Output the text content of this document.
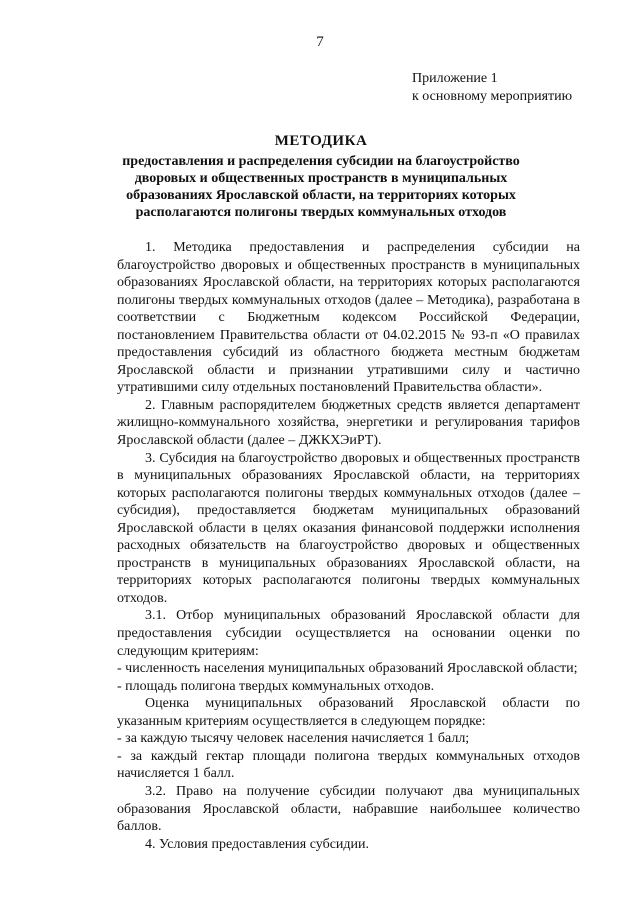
7
Приложение 1
к основному мероприятию
МЕТОДИКА
предоставления и распределения субсидии на благоустройство дворовых и общественных пространств в муниципальных образованиях Ярославской области, на территориях которых располагаются полигоны твердых коммунальных отходов

1. Методика предоставления и распределения субсидии на благоустройство дворовых и общественных пространств в муниципальных образованиях Ярославской области, на территориях которых располагаются полигоны твердых коммунальных отходов (далее – Методика), разработана в соответствии с Бюджетным кодексом Российской Федерации, постановлением Правительства области от 04.02.2015 № 93-п «О правилах предоставления субсидий из областного бюджета местным бюджетам Ярославской области и признании утратившими силу и частично утратившими силу отдельных постановлений Правительства области».

2. Главным распорядителем бюджетных средств является департамент жилищно-коммунального хозяйства, энергетики и регулирования тарифов Ярославской области (далее – ДЖКХЭиРТ).

3. Субсидия на благоустройство дворовых и общественных пространств в муниципальных образованиях Ярославской области, на территориях которых располагаются полигоны твердых коммунальных отходов (далее – субсидия), предоставляется бюджетам муниципальных образований Ярославской области в целях оказания финансовой поддержки исполнения расходных обязательств на благоустройство дворовых и общественных пространств в муниципальных образованиях Ярославской области, на территориях которых располагаются полигоны твердых коммунальных отходов.

3.1. Отбор муниципальных образований Ярославской области для предоставления субсидии осуществляется на основании оценки по следующим критериям:

- численность населения муниципальных образований Ярославской области;

- площадь полигона твердых коммунальных отходов.

Оценка муниципальных образований Ярославской области по указанным критериям осуществляется в следующем порядке:

- за каждую тысячу человек населения начисляется 1 балл;

- за каждый гектар площади полигона твердых коммунальных отходов начисляется 1 балл.

3.2. Право на получение субсидии получают два муниципальных образования Ярославской области, набравшие наибольшее количество баллов.

4. Условия предоставления субсидии.
